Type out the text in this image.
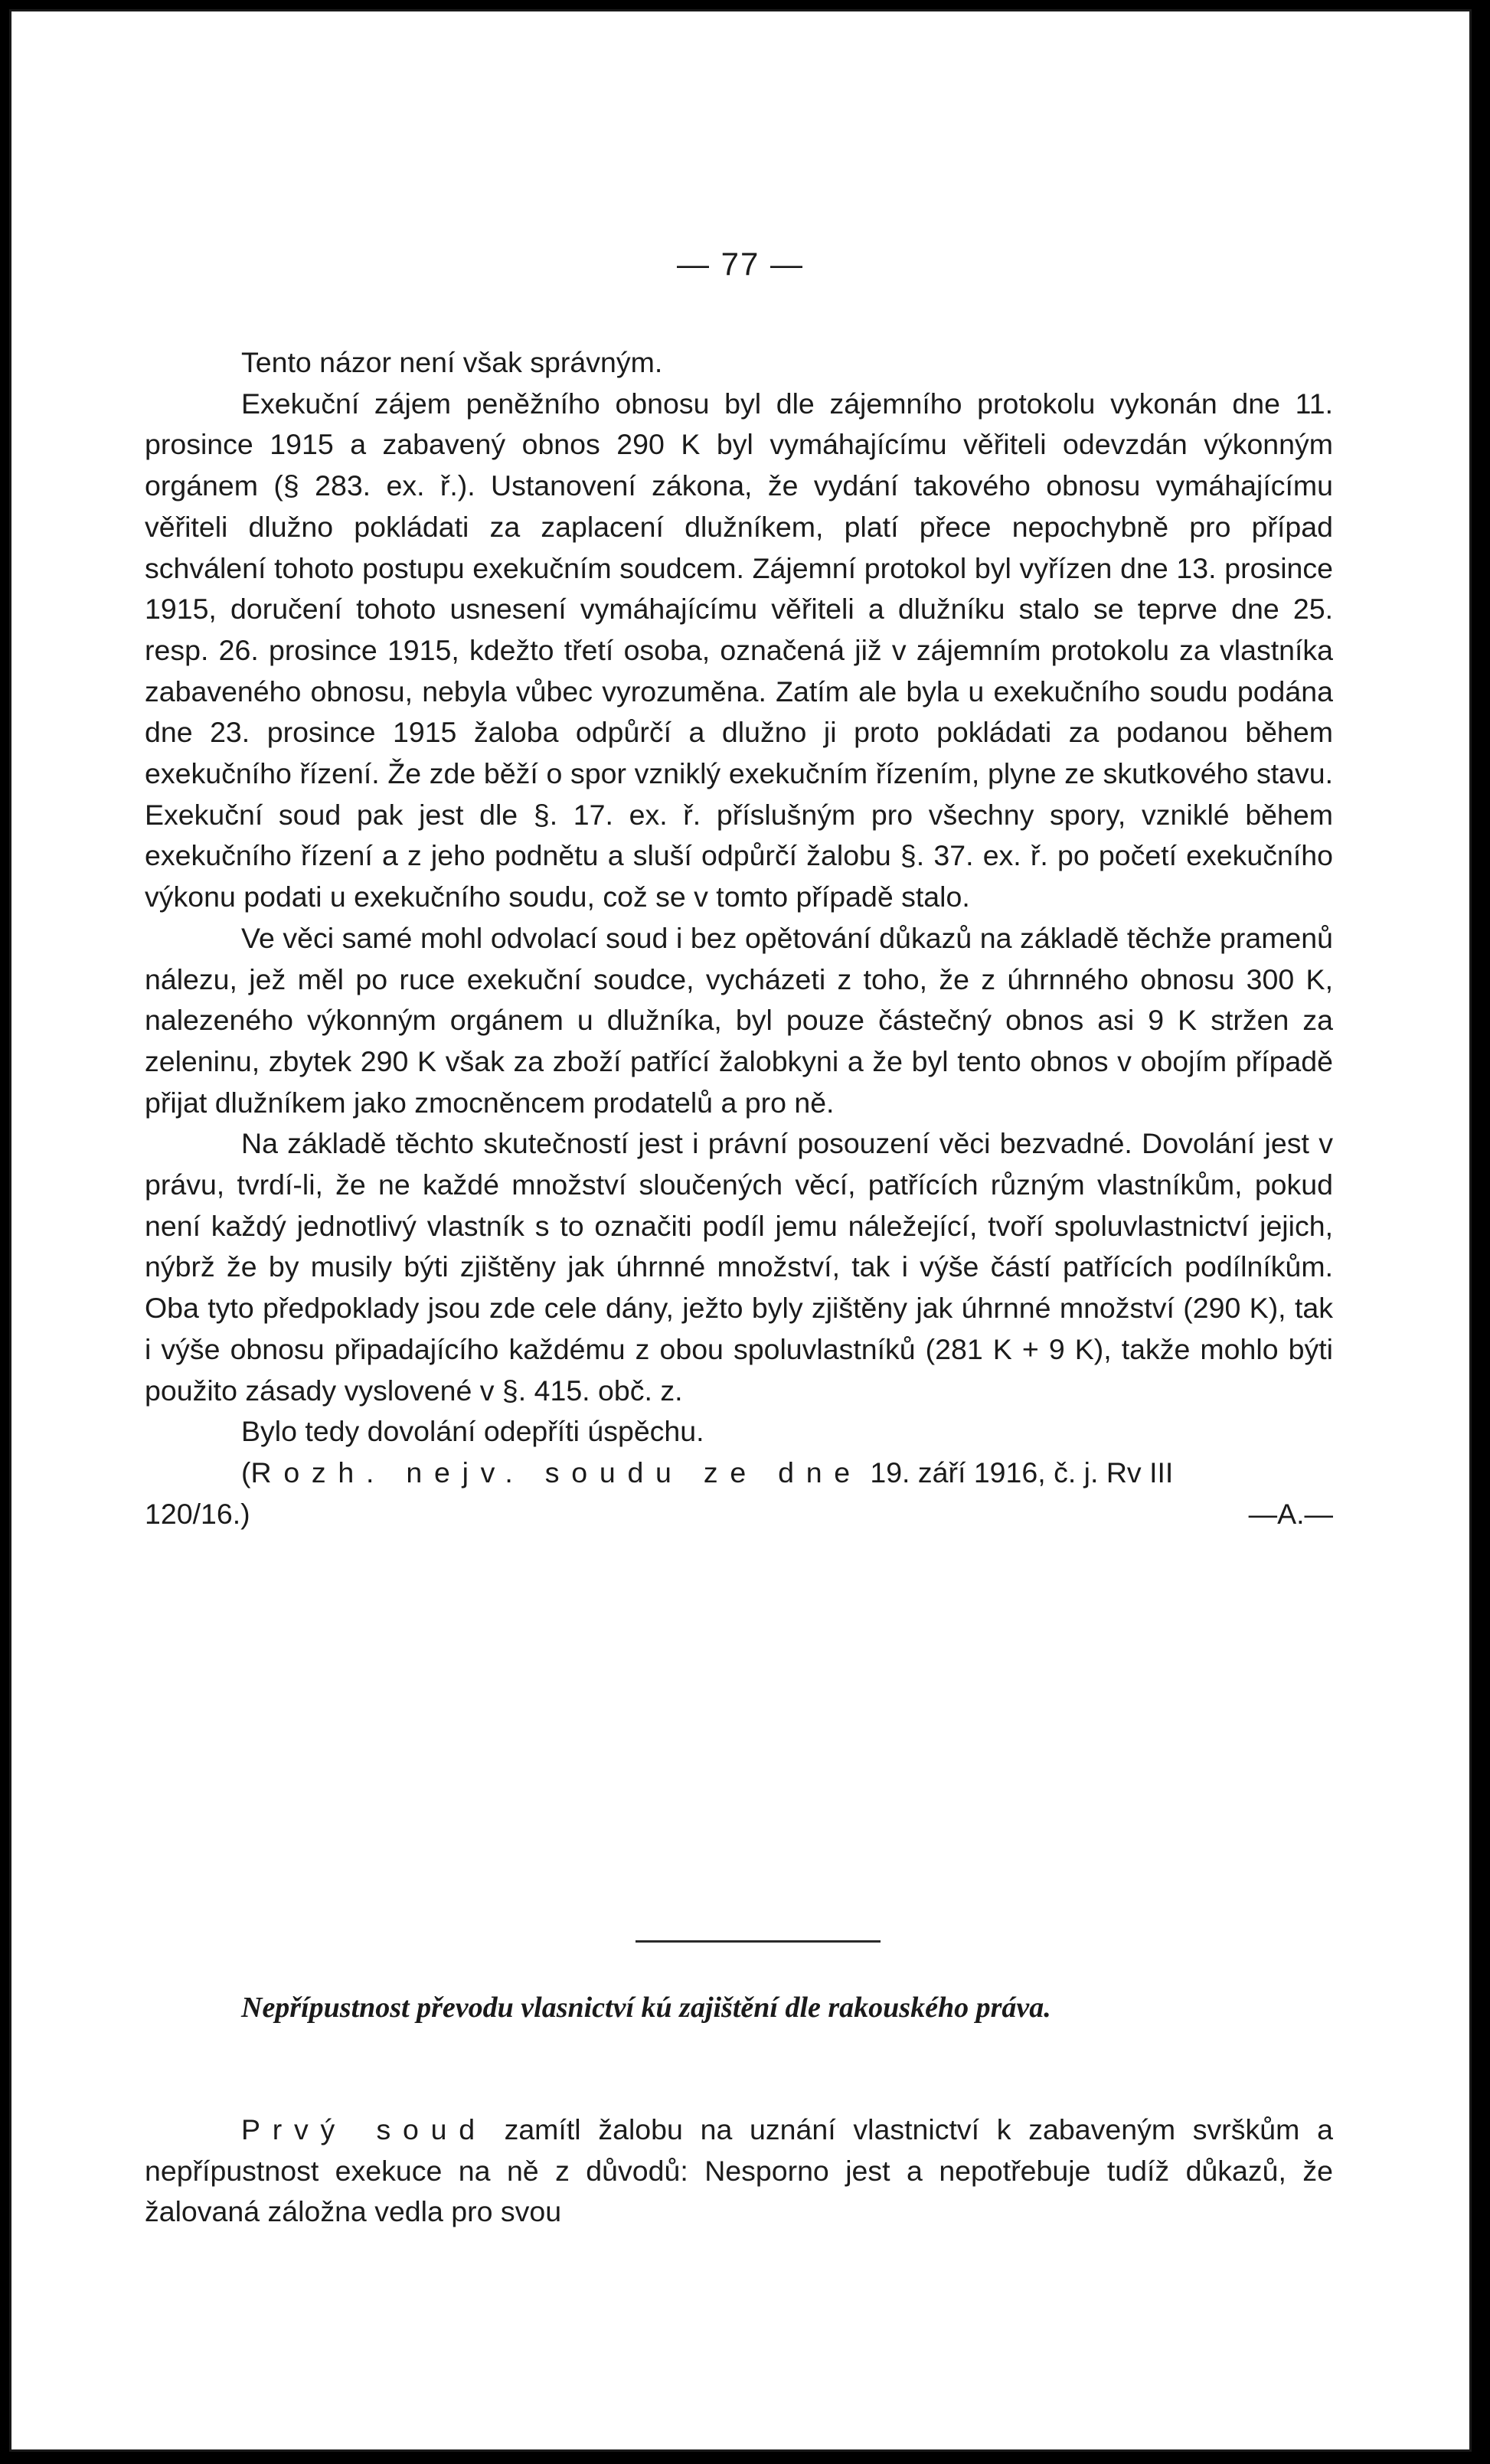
— 77 —

Tento názor není však správným.

Exekuční zájem peněžního obnosu byl dle zájemního protokolu vykonán dne 11. prosince 1915 a zabavený obnos 290 K byl vymáhajícímu věřiteli odevzdán výkonným orgánem (§ 283. ex. ř.). Ustanovení zákona, že vydání takového obnosu vymáhajícímu věřiteli dlužno pokládati za zaplacení dlužníkem, platí přece nepochybně pro případ schválení tohoto postupu exekučním soudcem. Zájemní protokol byl vyřízen dne 13. prosince 1915, doručení tohoto usnesení vymáhajícímu věřiteli a dlužníku stalo se teprve dne 25. resp. 26. prosince 1915, kdežto třetí osoba, označená již v zájemním protokolu za vlastníka zabaveného obnosu, nebyla vůbec vyrozuměna. Zatím ale byla u exekučního soudu podána dne 23. prosince 1915 žaloba odpůrčí a dlužno ji proto pokládati za podanou během exekučního řízení. Že zde běží o spor vzniklý exekučním řízením, plyne ze skutkového stavu. Exekuční soud pak jest dle §. 17. ex. ř. příslušným pro všechny spory, vzniklé během exekučního řízení a z jeho podnětu a sluší odpůrčí žalobu §. 37. ex. ř. po početí exekučního výkonu podati u exekučního soudu, což se v tomto případě stalo.

Ve věci samé mohl odvolací soud i bez opětování důkazů na základě těchže pramenů nálezu, jež měl po ruce exekuční soudce, vycházeti z toho, že z úhrnného obnosu 300 K, nalezeného výkonným orgánem u dlužníka, byl pouze částečný obnos asi 9 K stržen za zeleninu, zbytek 290 K však za zboží patřící žalobkyni a že byl tento obnos v obojím případě přijat dlužníkem jako zmocněncem prodatelů a pro ně.

Na základě těchto skutečností jest i právní posouzení věci bezvadné. Dovolání jest v právu, tvrdí-li, že ne každé množství sloučených věcí, patřících různým vlastníkům, pokud není každý jednotlivý vlastník s to označiti podíl jemu náležející, tvoří spoluvlastnictví jejich, nýbrž že by musily býti zjištěny jak úhrnné množství, tak i výše částí patřících podílníkům. Oba tyto předpoklady jsou zde cele dány, ježto byly zjištěny jak úhrnné množství (290 K), tak i výše obnosu připadajícího každému z obou spoluvlastníků (281 K + 9 K), takže mohlo býti použito zásady vyslovené v §. 415. obč. z.

Bylo tedy dovolání odepříti úspěchu.

(Rozh. nejv. soudu ze dne 19. září 1916, č. j. Rv III

120/16.)	—A.—

Nepřípustnost převodu vlasnictví kú zajištění dle rakouského práva.

Prvý soud zamítl žalobu na uznání vlastnictví k zabaveným svrškům a nepřípustnost exekuce na ně z důvodů: Nesporno jest a nepotřebuje tudíž důkazů, že žalovaná záložna vedla pro svou
